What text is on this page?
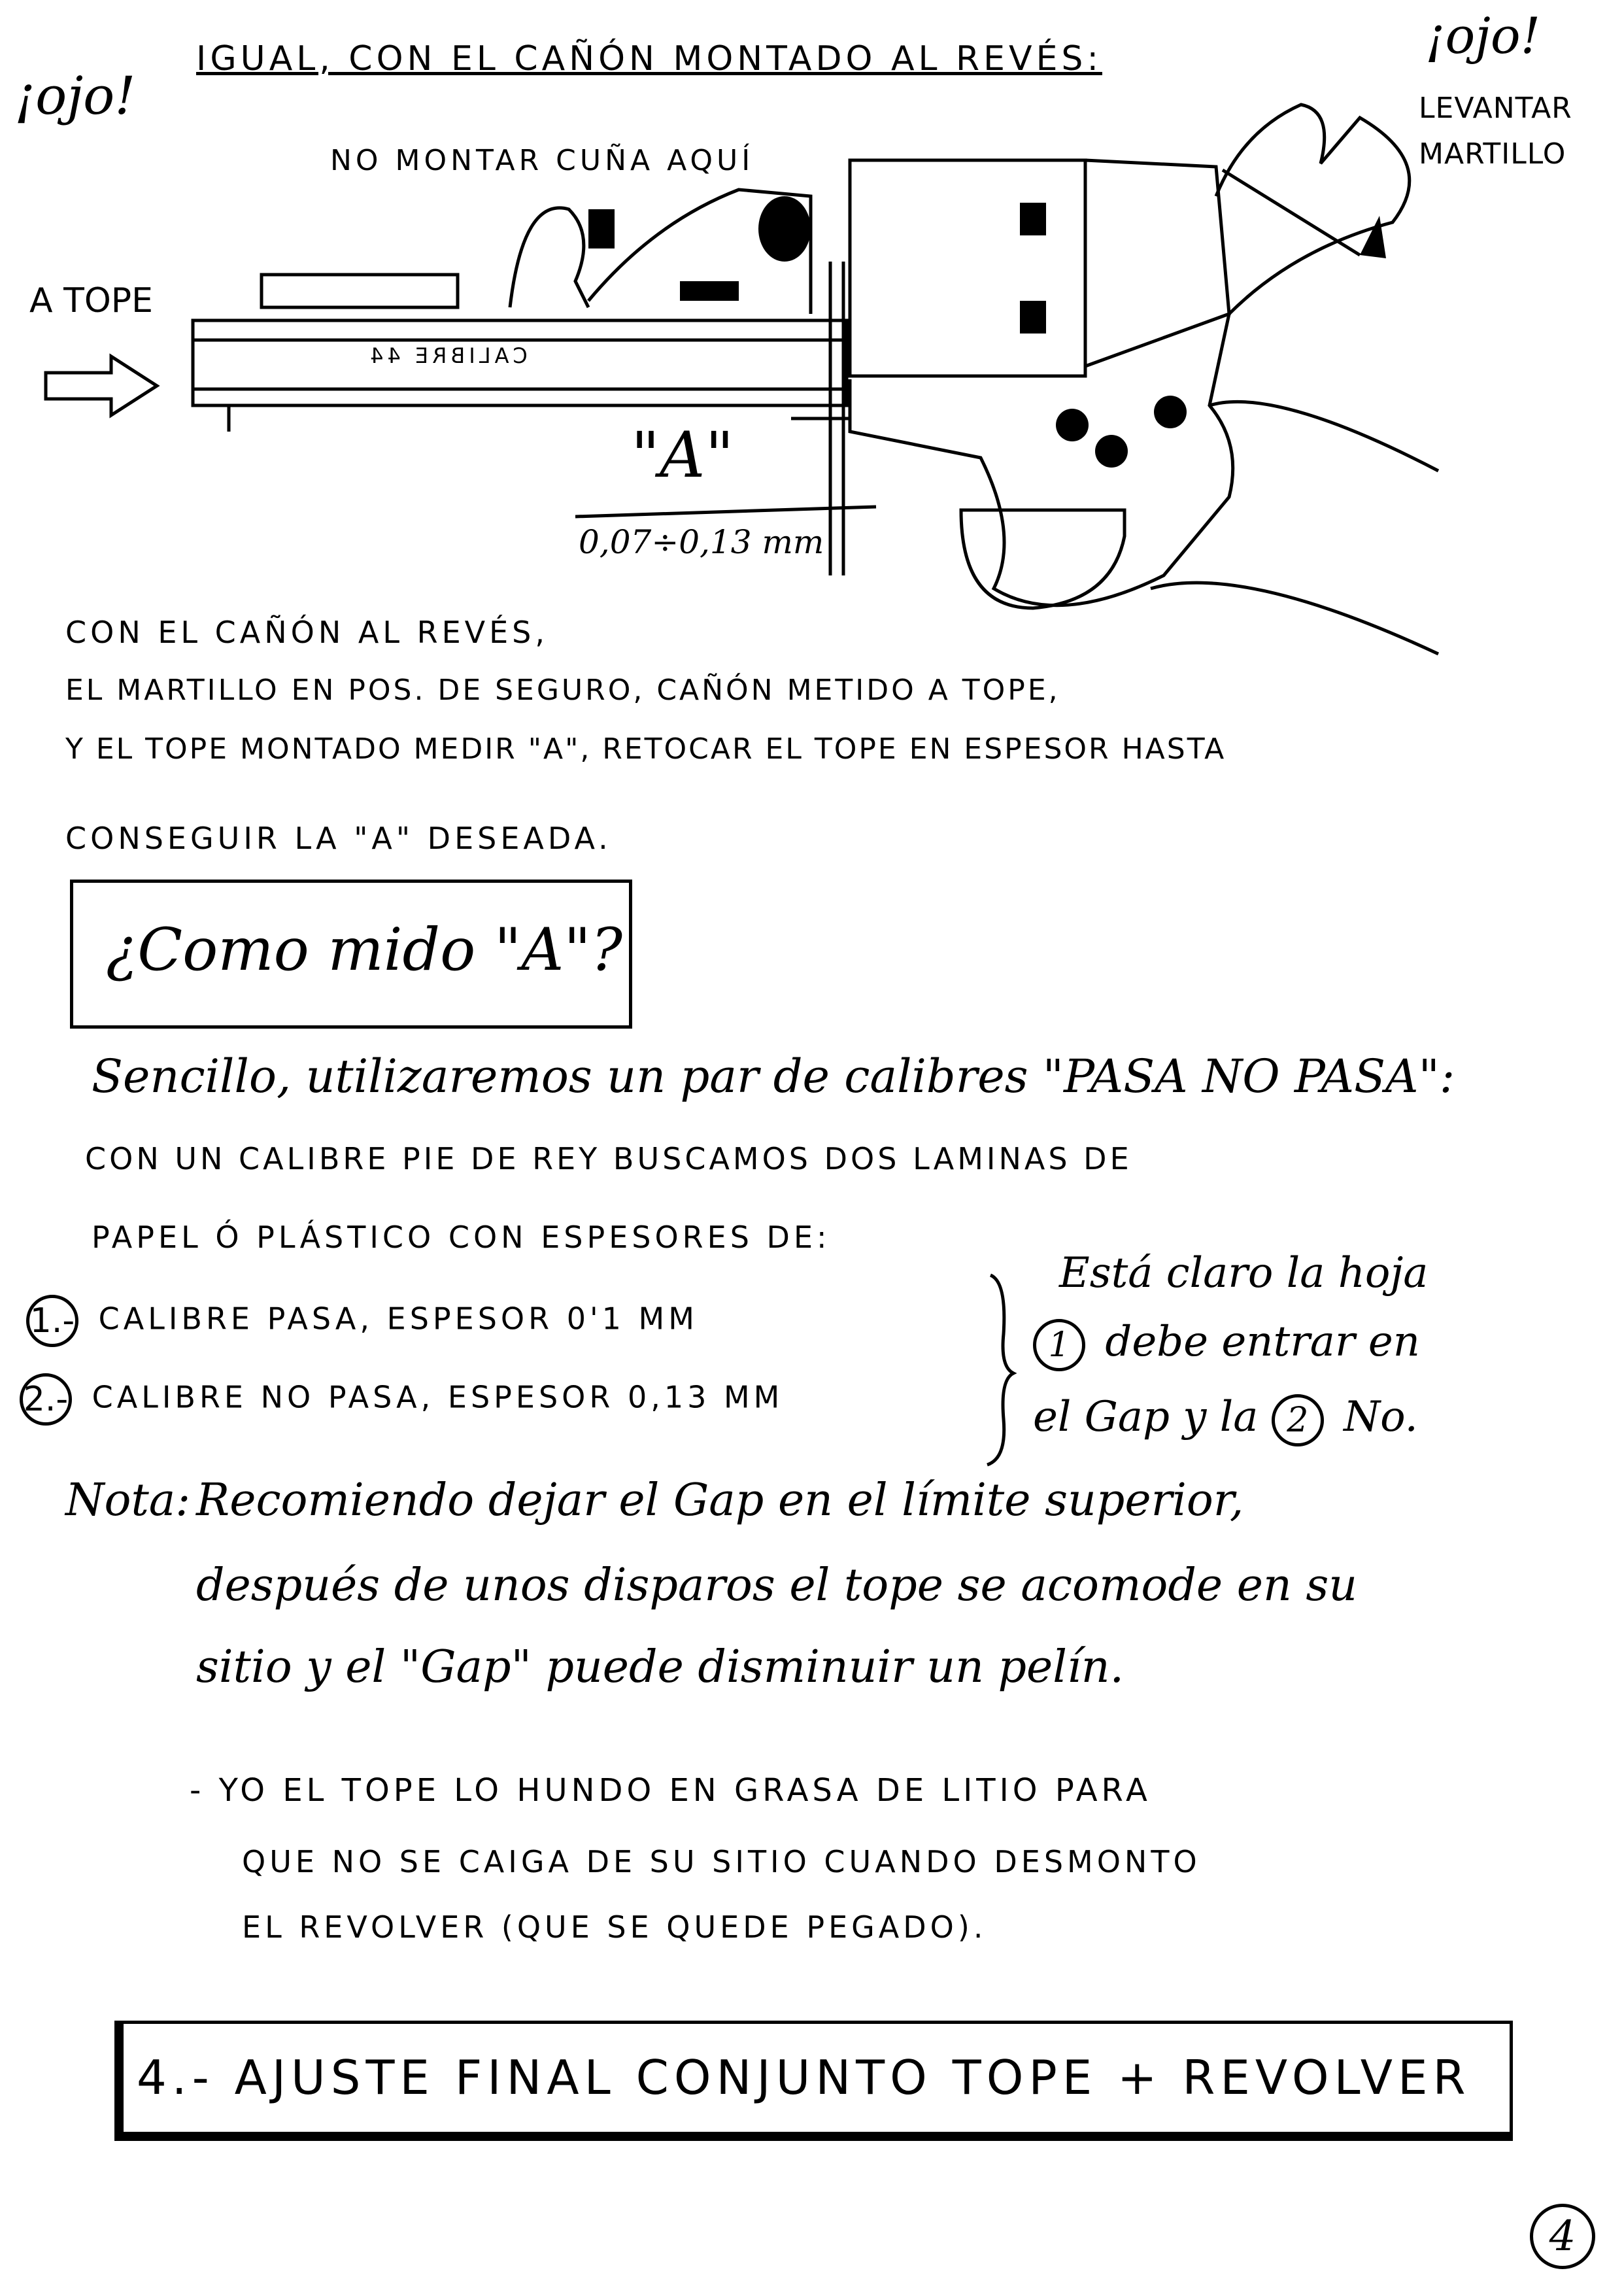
¡ojo!
IGUAL, CON EL CAÑÓN MONTADO AL REVÉS:	¡ojo!
LEVANTAR
MARTILLO
NO MONTAR CUÑA AQUÍ
A TOPE
CALIBRE 44
"A"
0,07÷0,13 mm
CON EL CAÑÓN AL REVÉS,
EL MARTILLO EN POS. DE SEGURO, CAÑÓN METIDO A TOPE,
Y EL TOPE MONTADO MEDIR "A", RETOCAR EL TOPE EN ESPESOR HASTA
CONSEGUIR LA "A" DESEADA.
¿Como mido "A"?
Sencillo, utilizaremos un par de calibres "PASA NO PASA":
CON UN CALIBRE PIE DE REY BUSCAMOS DOS LAMINAS DE
PAPEL Ó PLÁSTICO CON ESPESORES DE:
1.- CALIBRE PASA, ESPESOR 0'1 MM
2.- CALIBRE NO PASA, ESPESOR 0,13 MM
Está claro la hoja
1 debe entrar en
el Gap y la 2 No.
Nota: Recomiendo dejar el Gap en el límite superior,
después de unos disparos el tope se acomode en su
sitio y el "Gap" puede disminuir un pelín.
- YO EL TOPE LO HUNDO EN GRASA DE LITIO PARA
QUE NO SE CAIGA DE SU SITIO CUANDO DESMONTO
EL REVOLVER (QUE SE QUEDE PEGADO).
4.- AJUSTE FINAL CONJUNTO TOPE + REVOLVER
4
